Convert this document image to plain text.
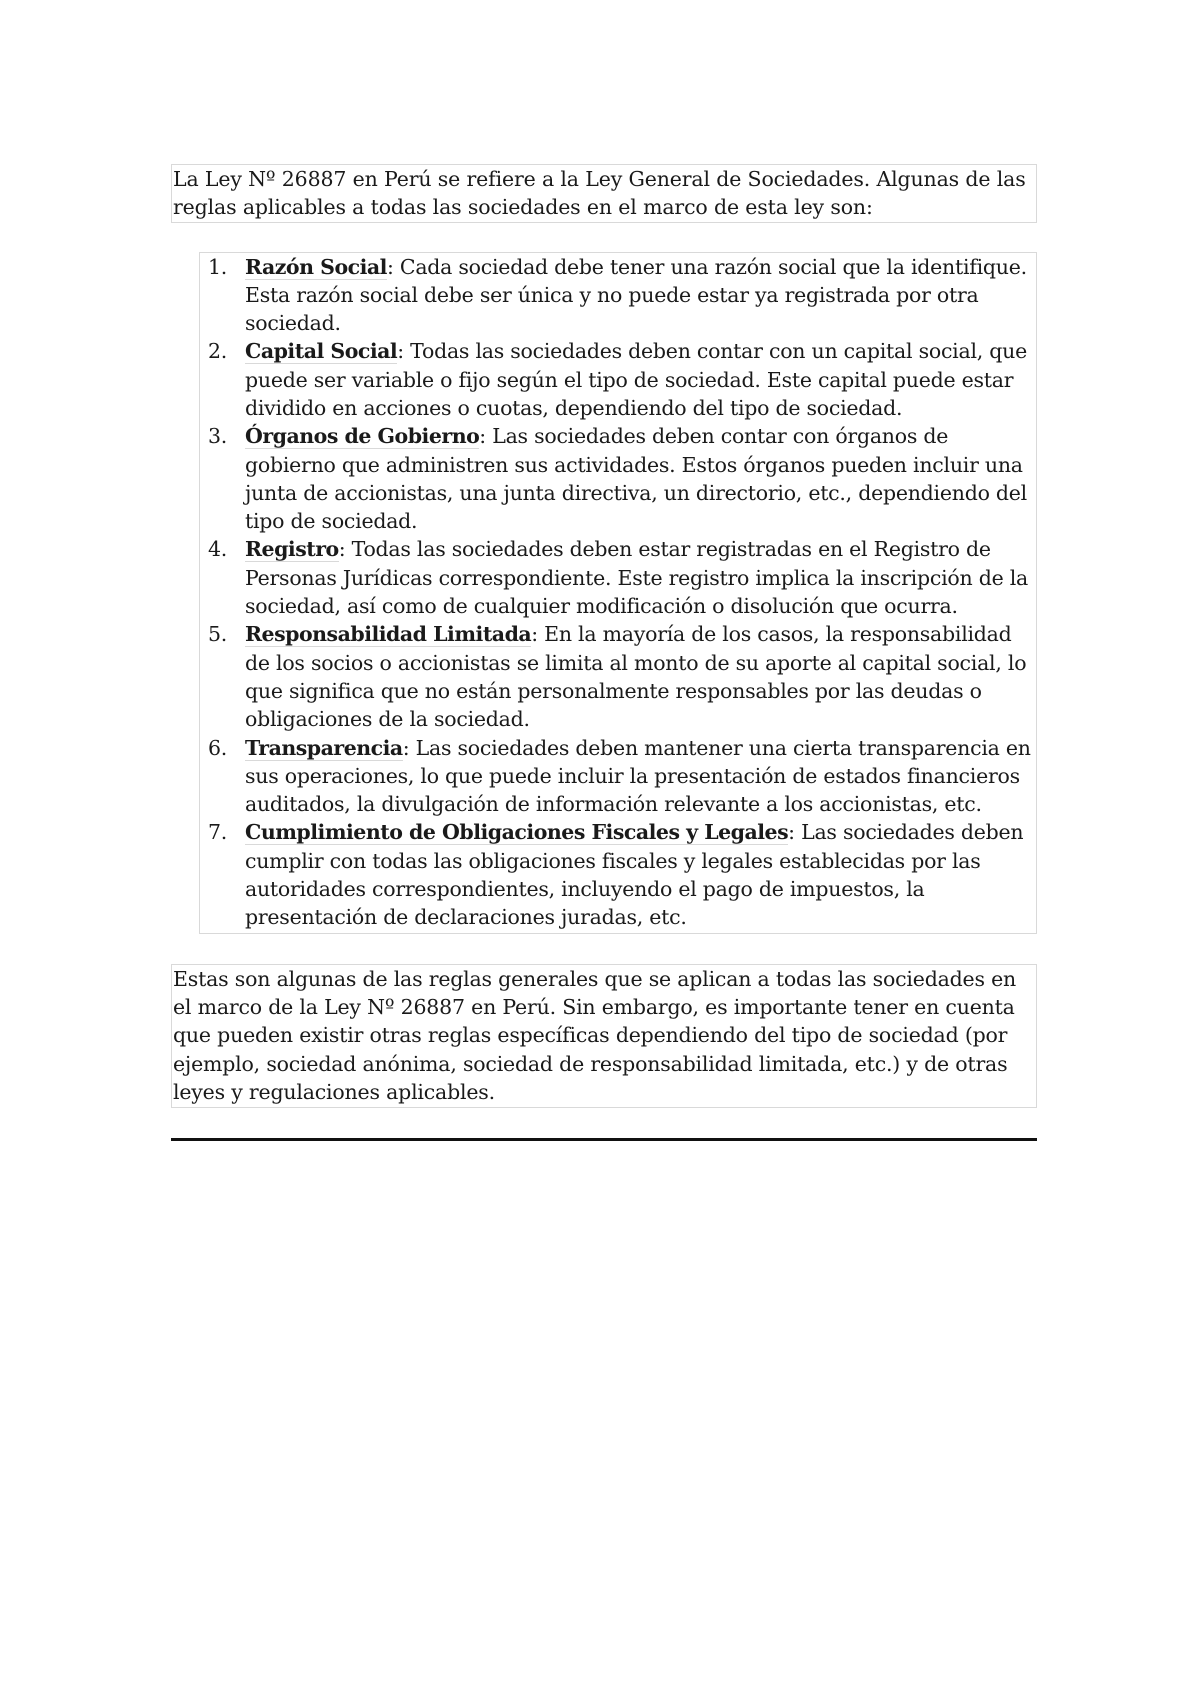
La Ley Nº 26887 en Perú se refiere a la Ley General de Sociedades. Algunas de las reglas aplicables a todas las sociedades en el marco de esta ley son:

1. Razón Social: Cada sociedad debe tener una razón social que la identifique. Esta razón social debe ser única y no puede estar ya registrada por otra sociedad.
2. Capital Social: Todas las sociedades deben contar con un capital social, que puede ser variable o fijo según el tipo de sociedad. Este capital puede estar dividido en acciones o cuotas, dependiendo del tipo de sociedad.
3. Órganos de Gobierno: Las sociedades deben contar con órganos de gobierno que administren sus actividades. Estos órganos pueden incluir una junta de accionistas, una junta directiva, un directorio, etc., dependiendo del tipo de sociedad.
4. Registro: Todas las sociedades deben estar registradas en el Registro de Personas Jurídicas correspondiente. Este registro implica la inscripción de la sociedad, así como de cualquier modificación o disolución que ocurra.
5. Responsabilidad Limitada: En la mayoría de los casos, la responsabilidad de los socios o accionistas se limita al monto de su aporte al capital social, lo que significa que no están personalmente responsables por las deudas o obligaciones de la sociedad.
6. Transparencia: Las sociedades deben mantener una cierta transparencia en sus operaciones, lo que puede incluir la presentación de estados financieros auditados, la divulgación de información relevante a los accionistas, etc.
7. Cumplimiento de Obligaciones Fiscales y Legales: Las sociedades deben cumplir con todas las obligaciones fiscales y legales establecidas por las autoridades correspondientes, incluyendo el pago de impuestos, la presentación de declaraciones juradas, etc.

Estas son algunas de las reglas generales que se aplican a todas las sociedades en el marco de la Ley Nº 26887 en Perú. Sin embargo, es importante tener en cuenta que pueden existir otras reglas específicas dependiendo del tipo de sociedad (por ejemplo, sociedad anónima, sociedad de responsabilidad limitada, etc.) y de otras leyes y regulaciones aplicables.
